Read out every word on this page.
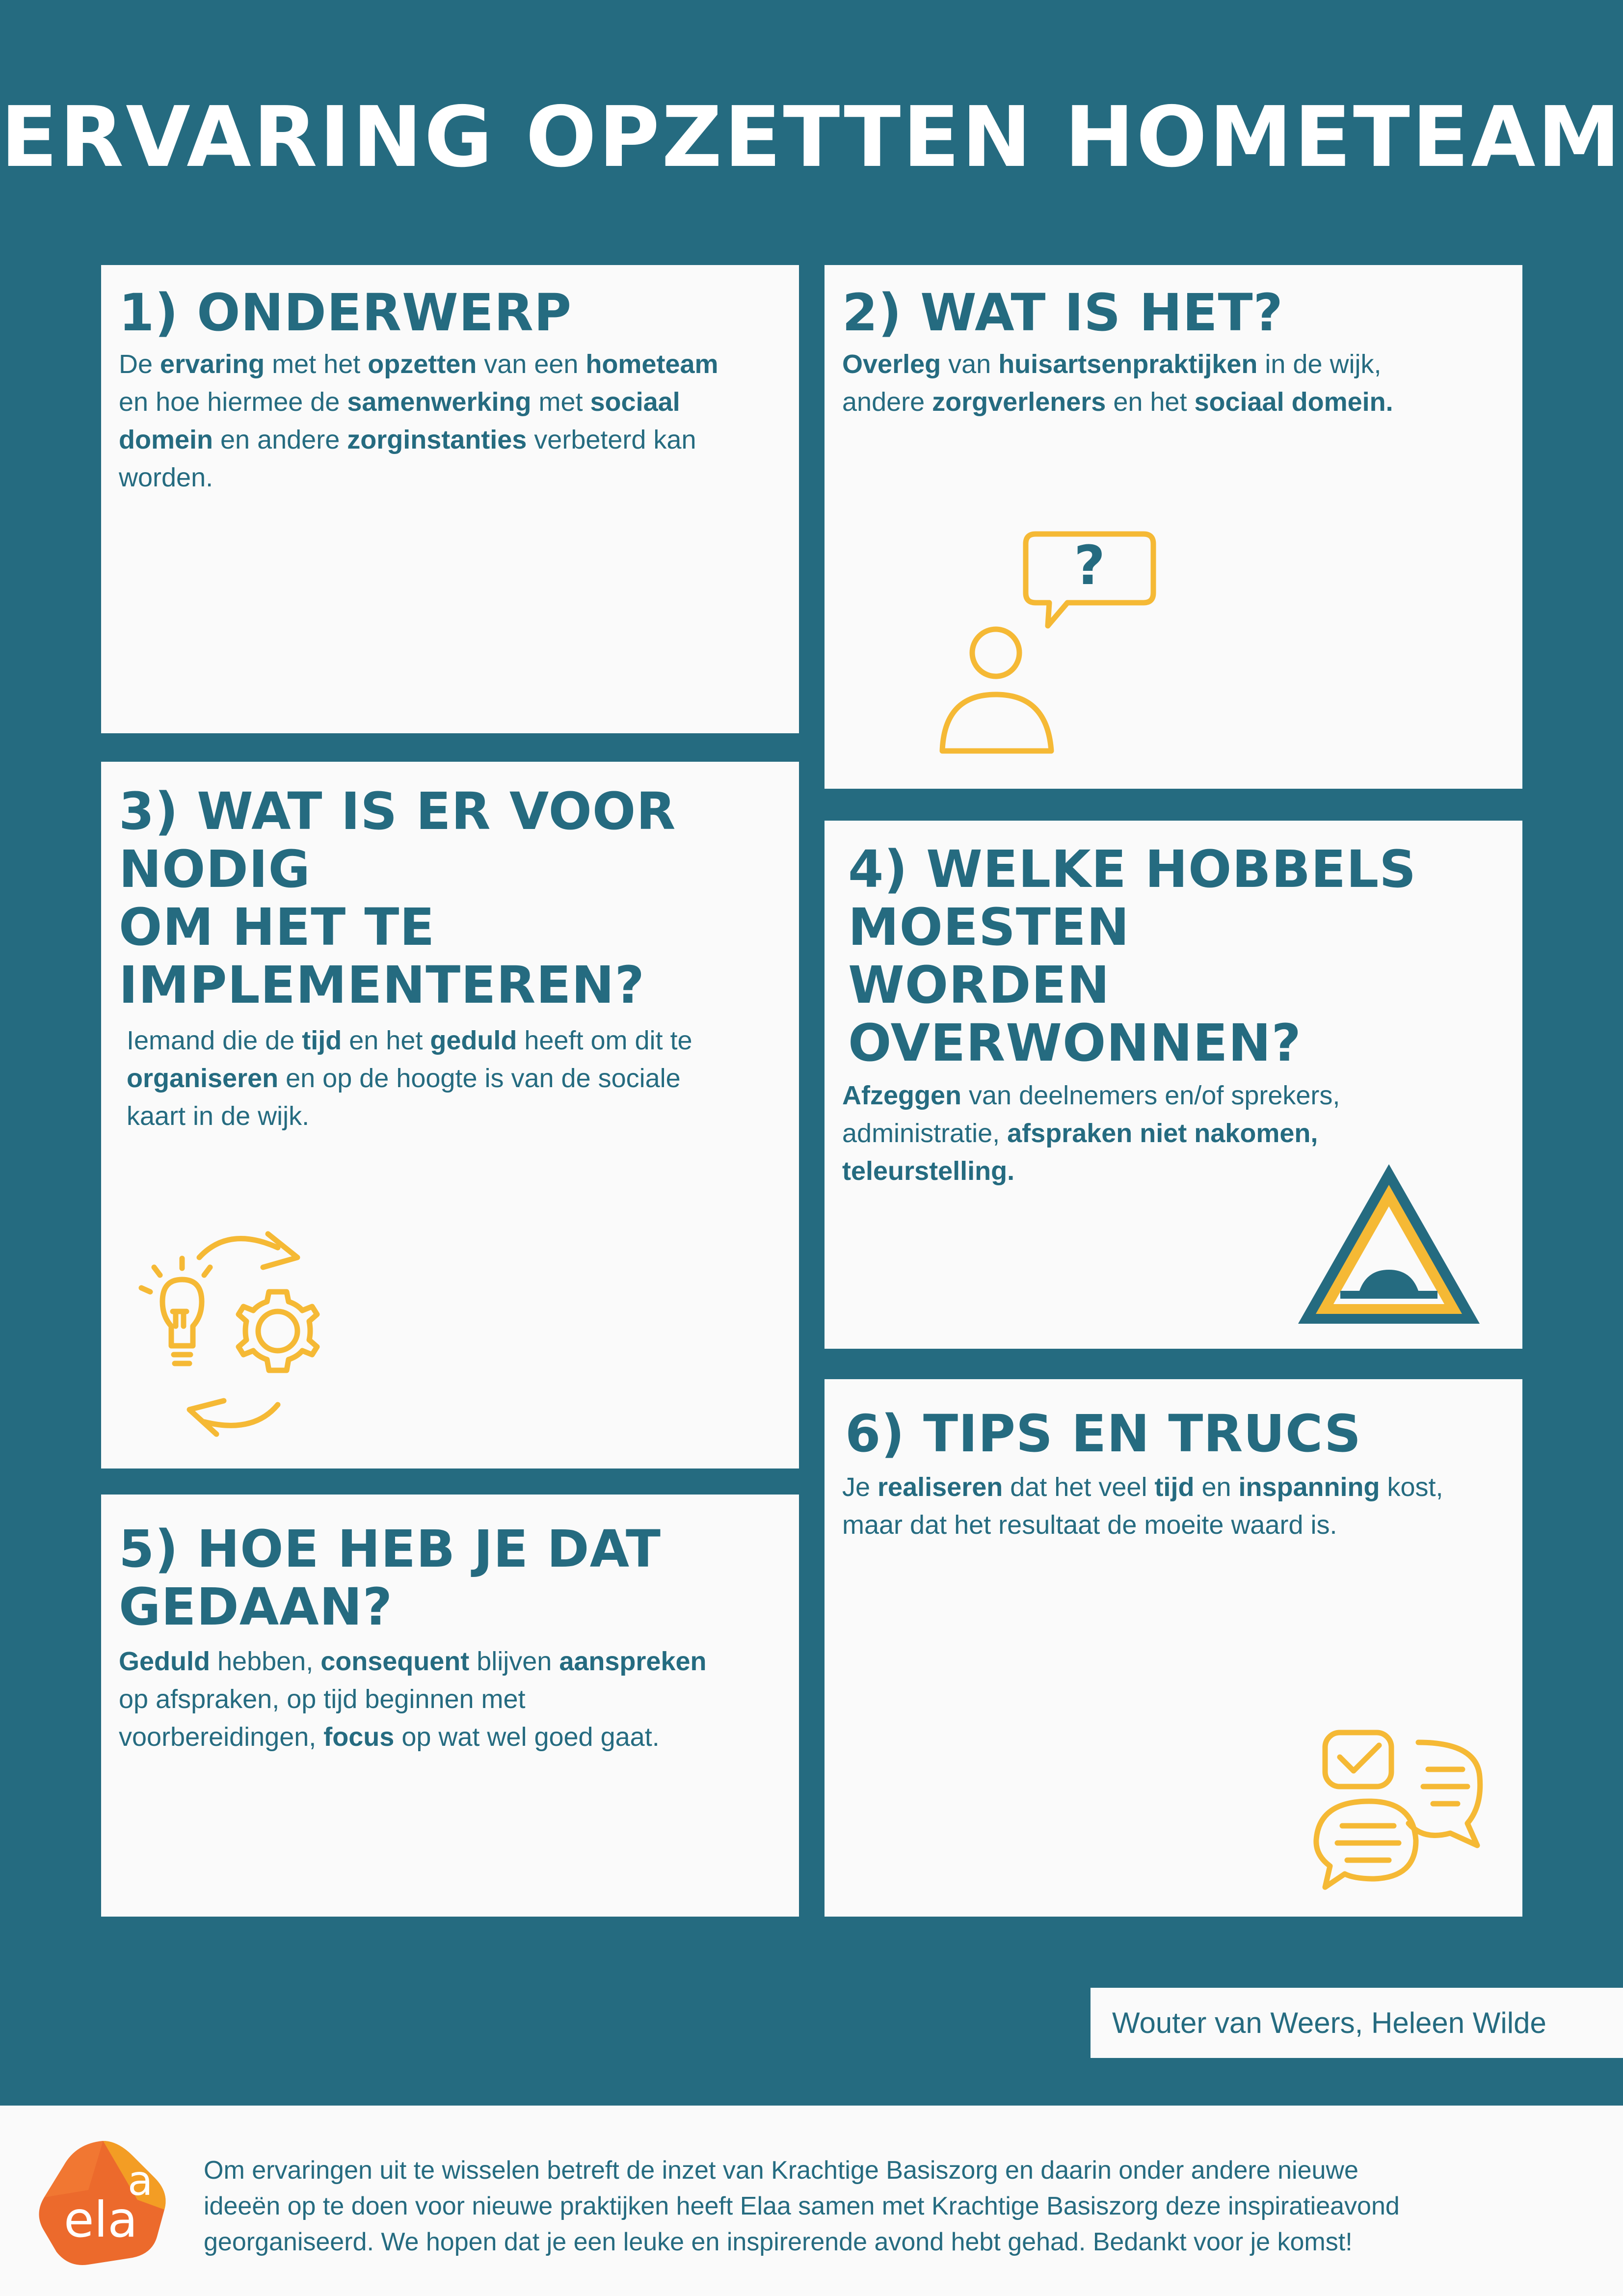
ERVARING OPZETTEN HOMETEAM
1) ONDERWERP

De ervaring met het opzetten van een hometeam
en hoe hiermee de samenwerking met sociaal
domein en andere zorginstanties verbeterd kan
worden.

2) WAT IS HET?

Overleg van huisartsenpraktijken in de wijk,
andere zorgverleners en het sociaal domein.

?
3) WAT IS ER VOOR NODIG
OM HET TE IMPLEMENTEREN?

Iemand die de tijd en het geduld heeft om dit te
organiseren en op de hoogte is van de sociale
kaart in de wijk.

4) WELKE HOBBELS MOESTEN
WORDEN OVERWONNEN?

Afzeggen van deelnemers en/of sprekers,
administratie, afspraken niet nakomen,
teleurstelling.

5) HOE HEB JE DAT GEDAAN?

Geduld hebben, consequent blijven aanspreken
op afspraken, op tijd beginnen met
voorbereidingen, focus op wat wel goed gaat.

6) TIPS EN TRUCS

Je realiseren dat het veel tijd en inspanning kost,
maar dat het resultaat de moeite waard is.

Wouter van Weers, Heleen Wilde
ela
a Om ervaringen uit te wisselen betreft de inzet van Krachtige Basiszorg en daarin onder andere nieuwe
ideeën op te doen voor nieuwe praktijken heeft Elaa samen met Krachtige Basiszorg deze inspiratieavond
georganiseerd. We hopen dat je een leuke en inspirerende avond hebt gehad. Bedankt voor je komst!
